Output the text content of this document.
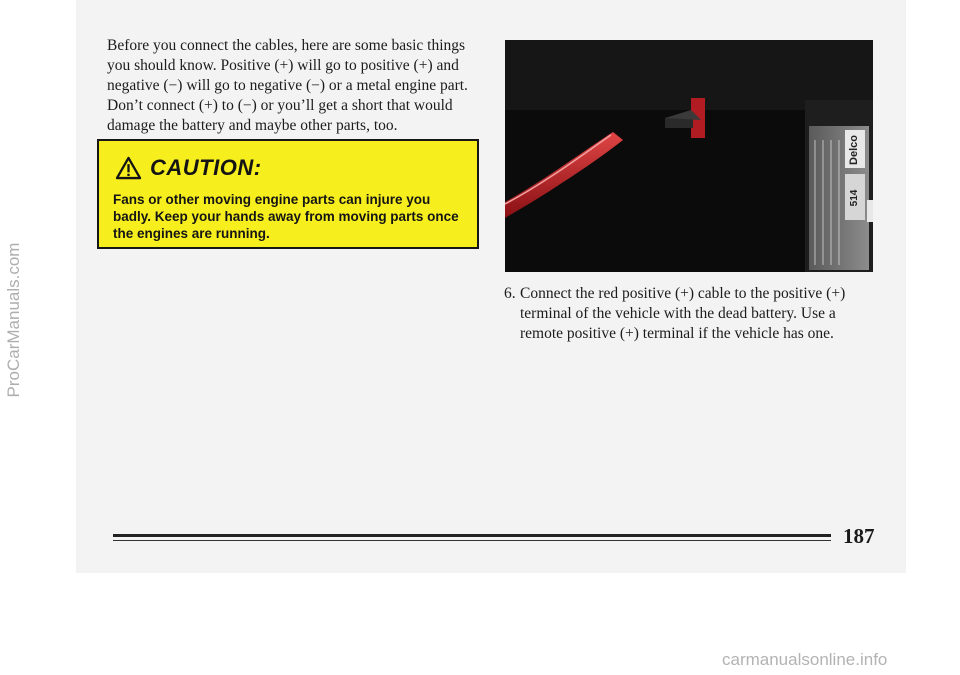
Before you connect the cables, here are some basic things you should know. Positive (+) will go to positive (+) and negative (−) will go to negative (−) or a metal engine part. Don’t connect (+) to (−) or you’ll get a short that would damage the battery and maybe other parts, too.

CAUTION:

Fans or other moving engine parts can injure you badly. Keep your hands away from moving parts once the engines are running.

Delco
514
6. Connect the red positive (+) cable to the positive (+) terminal of the vehicle with the dead battery. Use a remote positive (+) terminal if the vehicle has one.
187
ProCarManuals.com
carmanualsonline.info
